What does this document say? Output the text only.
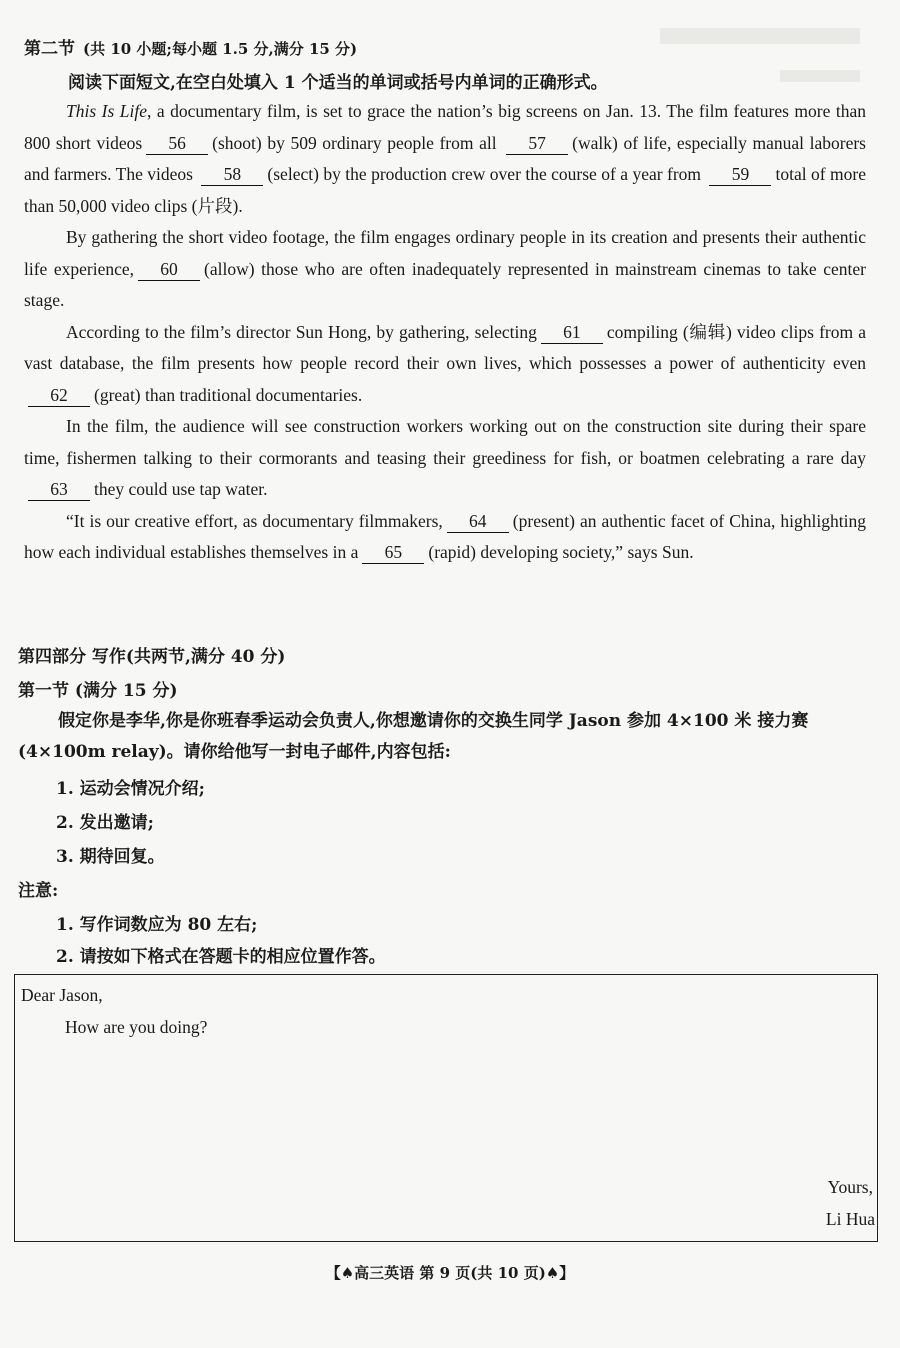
第二节 (共 10 小题;每小题 1.5 分,满分 15 分)
阅读下面短文,在空白处填入 1 个适当的单词或括号内单词的正确形式。

This Is Life, a documentary film, is set to grace the nation’s big screens on Jan. 13. The film features more than 800 short videos 56 (shoot) by 509 ordinary people from all 57 (walk) of life, especially manual laborers and farmers. The videos 58 (select) by the production crew over the course of a year from 59 total of more than 50,000 video clips (片段).

By gathering the short video footage, the film engages ordinary people in its creation and presents their authentic life experience, 60 (allow) those who are often inadequately represented in mainstream cinemas to take center stage.

According to the film’s director Sun Hong, by gathering, selecting 61 compiling (编辑) video clips from a vast database, the film presents how people record their own lives, which possesses a power of authenticity even62 (great) than traditional documentaries.

In the film, the audience will see construction workers working out on the construction site during their spare time, fishermen talking to their cormorants and teasing their greediness for fish, or boatmen celebrating a rare day63 they could use tap water.

“It is our creative effort, as documentary filmmakers, 64 (present) an authentic facet of China, highlighting how each individual establishes themselves in a 65 (rapid) developing society,” says Sun.

第四部分 写作(共两节,满分 40 分)
第一节 (满分 15 分)

假定你是李华,你是你班春季运动会负责人,你想邀请你的交换生同学 Jason 参加 4×100 米 接力赛(4×100m relay)。请你给他写一封电子邮件,内容包括:

1. 运动会情况介绍;
2. 发出邀请;
3. 期待回复。
注意:
1. 写作词数应为 80 左右;
2. 请按如下格式在答题卡的相应位置作答。
Dear Jason,
How are you doing?
Yours,
Li Hua
【♠高三英语 第 9 页(共 10 页)♠】
